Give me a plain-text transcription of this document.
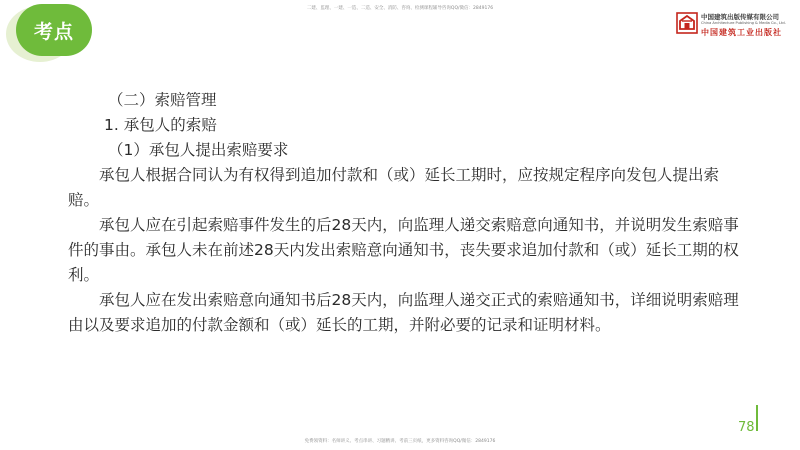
考点
二建、监理、一建、一造、二造、安全、消防、咨询、检测课程辅导咨询QQ/微信：2849176
中国建筑出版传媒有限公司
China Architecture Publishing & Media Co., Ltd.
中国建筑工业出版社
（二）索赔管理
1. 承包人的索赔
（1）承包人提出索赔要求
承包人根据合同认为有权得到追加付款和（或）延长工期时，应按规定程序向发包人提出索赔。
承包人应在引起索赔事件发生的后28天内，向监理人递交索赔意向通知书，并说明发生索赔事件的事由。承包人未在前述28天内发出索赔意向通知书，丧失要求追加付款和（或）延长工期的权利。
承包人应在发出索赔意向通知书后28天内，向监理人递交正式的索赔通知书，详细说明索赔理由以及要求追加的付款金额和（或）延长的工期，并附必要的记录和证明材料。
78
免费领资料：名师讲义、考点串讲、习题精讲、考前三页纸，更多资料咨询QQ/微信：2849176
